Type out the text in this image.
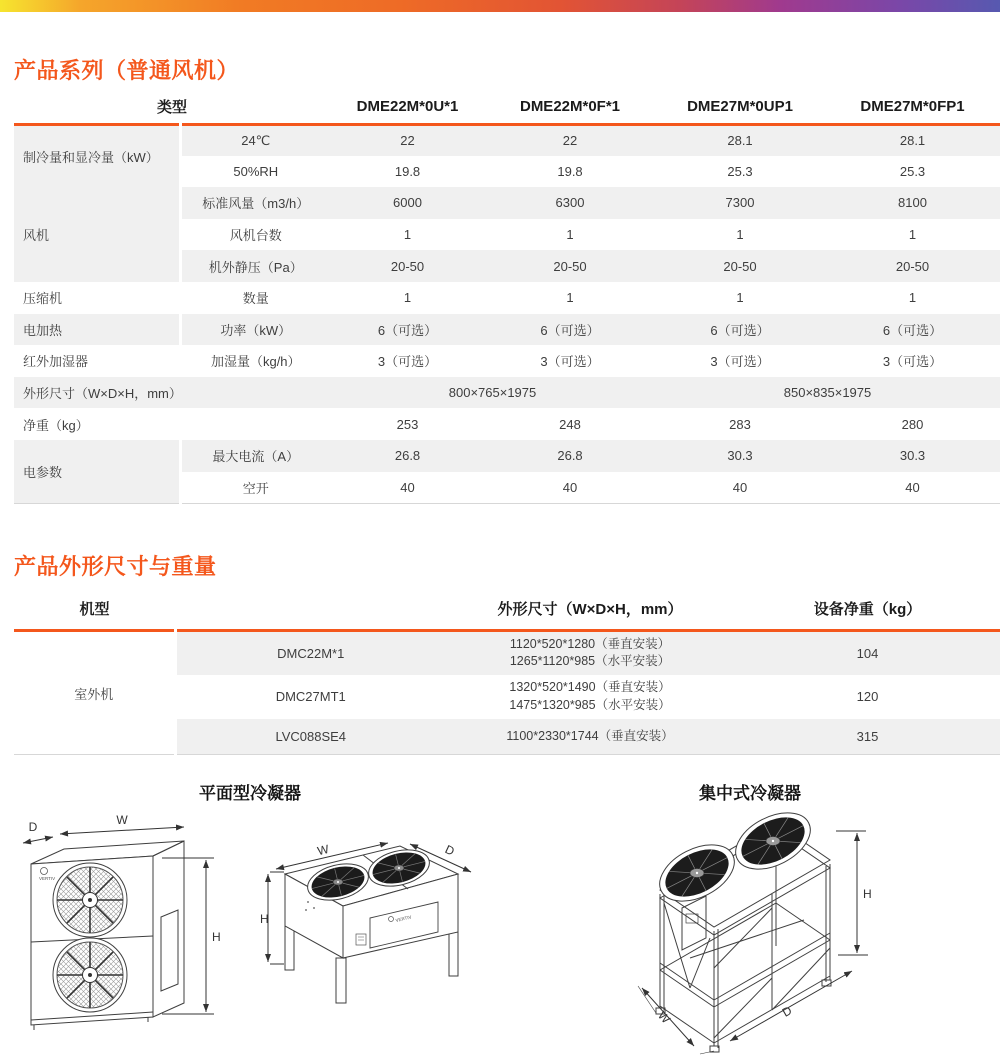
产品系列（普通风机）
类型		DME22M*0U*1	DME22M*0F*1	DME27M*0UP1	DME27M*0FP1
制冷量和显冷量（kW）	24℃	22	22	28.1	28.1
	50%RH	19.8	19.8	25.3	25.3
风机	标准风量（m3/h）	6000	6300	7300	8100
	风机台数	1	1	1	1
	机外静压（Pa）	20-50	20-50	20-50	20-50
压缩机	数量	1	1	1	1
电加热	功率（kW）	6（可选）	6（可选）	6（可选）	6（可选）
红外加湿器	加湿量（kg/h）	3（可选）	3（可选）	3（可选）	3（可选）
外形尺寸（W×D×H，mm）		800×765×1975		850×835×1975	
净重（kg）		253	248	283	280
电参数	最大电流（A）	26.8	26.8	30.3	30.3
	空开	40	40	40	40
产品外形尺寸与重量
机型		外形尺寸（W×D×H，mm）	设备净重（kg）
室外机	DMC22M*1	1120*520*1280（垂直安装）
1265*1120*985（水平安装）	104
	DMC27MT1	1320*520*1490（垂直安装）
1475*1320*985（水平安装）	120
	LVC088SE4	1100*2330*1744（垂直安装）	315
平面型冷凝器
VERTIV
D	W
H
VERTIV
H
W	D
集中式冷凝器
H
D
W
